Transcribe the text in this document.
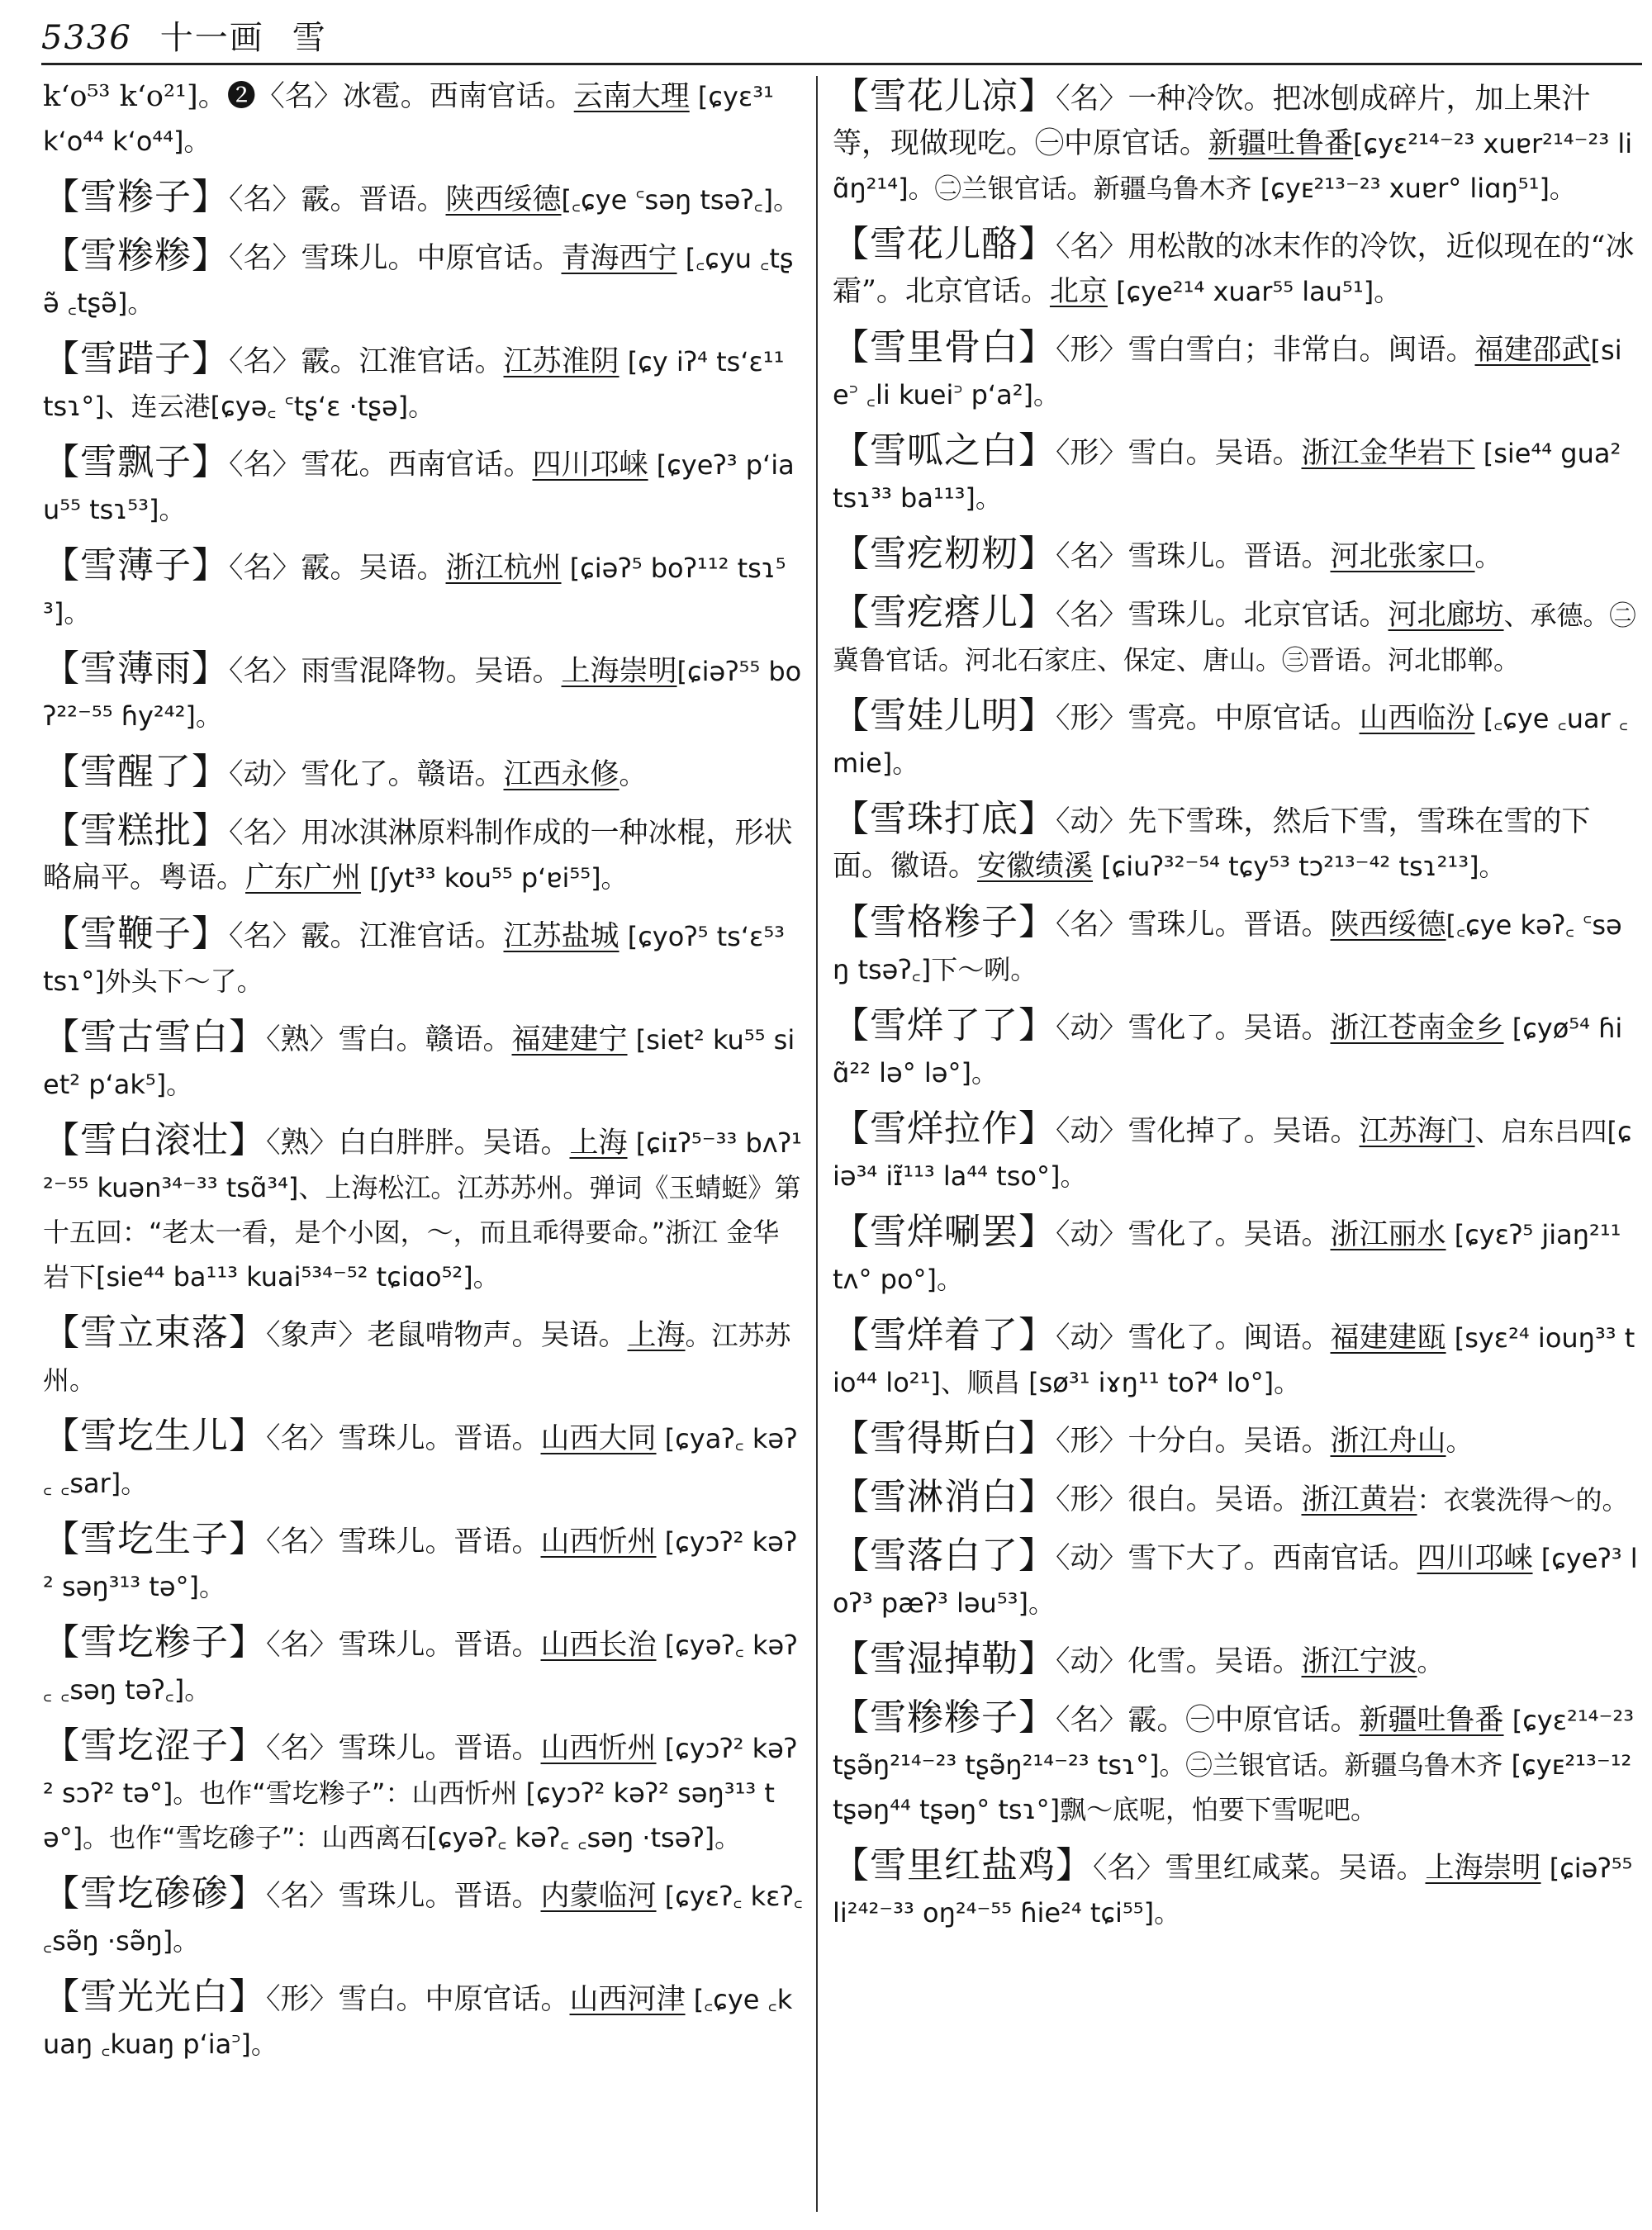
5336 十一画 雪

k‘o⁵³ k‘o²¹]。❷〈名〉冰雹。西南官话。云南大理 [ɕyɛ³¹ k‘o⁴⁴ k‘o⁴⁴]。

【雪糁子】〈名〉霰。晋语。陕西绥德[꜀ɕye ꜂səŋ tsəʔ꜀]。

【雪糁糁】〈名〉雪珠儿。中原官话。青海西宁 [꜀ɕyu ꜀tʂə̃ ꜀tʂə̃]。

【雪踖子】〈名〉霰。江淮官话。江苏淮阴 [ɕy iʔ⁴ ts‘ɛ¹¹ tsɿ°]、连云港[ɕyə꜀ ꜂tʂ‘ɛ ·tʂə]。

【雪飘子】〈名〉雪花。西南官话。四川邛崃 [ɕyeʔ³ p‘iau⁵⁵ tsɿ⁵³]。

【雪薄子】〈名〉霰。吴语。浙江杭州 [ɕiəʔ⁵ boʔ¹¹² tsɿ⁵³]。

【雪薄雨】〈名〉雨雪混降物。吴语。上海崇明[ɕiəʔ⁵⁵ boʔ²²⁻⁵⁵ ɦy²⁴²]。

【雪醒了】〈动〉雪化了。赣语。江西永修。

【雪糕批】〈名〉用冰淇淋原料制作成的一种冰棍，形状略扁平。粤语。广东广州 [ʃyt³³ kou⁵⁵ p‘ɐi⁵⁵]。

【雪鞭子】〈名〉霰。江淮官话。江苏盐城 [ɕyoʔ⁵ ts‘ɛ⁵³ tsɿ°]外头下～了。

【雪古雪白】〈熟〉雪白。赣语。福建建宁 [siet² ku⁵⁵ siet² p‘ak⁵]。

【雪白滚壮】〈熟〉白白胖胖。吴语。上海 [ɕiɪʔ⁵⁻³³ bʌʔ¹²⁻⁵⁵ kuən³⁴⁻³³ tsɑ̃³⁴]、上海松江。江苏苏州。弹词《玉蜻蜓》第十五回：“老太一看，是个小囡，～，而且乖得要命。”浙江 金华岩下[sie⁴⁴ ba¹¹³ kuai⁵³⁴⁻⁵² tɕiɑo⁵²]。

【雪立束落】〈象声〉老鼠啃物声。吴语。上海。江苏苏州。

【雪圪生儿】〈名〉雪珠儿。晋语。山西大同 [ɕyaʔ꜀ kəʔ꜀ ꜀sar]。

【雪圪生子】〈名〉雪珠儿。晋语。山西忻州 [ɕyɔʔ² kəʔ² səŋ³¹³ tə°]。

【雪圪糁子】〈名〉雪珠儿。晋语。山西长治 [ɕyəʔ꜀ kəʔ꜀ ꜀səŋ təʔ꜀]。

【雪圪涩子】〈名〉雪珠儿。晋语。山西忻州 [ɕyɔʔ² kəʔ² sɔʔ² tə°]。也作“雪圪糁子”：山西忻州 [ɕyɔʔ² kəʔ² səŋ³¹³ tə°]。也作“雪圪碜子”：山西离石[ɕyəʔ꜀ kəʔ꜀ ꜀səŋ ·tsəʔ]。

【雪圪碜碜】〈名〉雪珠儿。晋语。内蒙临河 [ɕyɛʔ꜀ kɛʔ꜀ ꜀sə̃ŋ ·sə̃ŋ]。

【雪光光白】〈形〉雪白。中原官话。山西河津 [꜀ɕye ꜀kuaŋ ꜀kuaŋ p‘ia꜄]。

【雪花儿凉】〈名〉一种冷饮。把冰刨成碎片，加上果汁等，现做现吃。㊀中原官话。新疆吐鲁番[ɕyɛ²¹⁴⁻²³ xuɐr²¹⁴⁻²³ liɑ̃ŋ²¹⁴]。㊁兰银官话。新疆乌鲁木齐 [ɕyᴇ²¹³⁻²³ xuɐr° liɑŋ⁵¹]。

【雪花儿酪】〈名〉用松散的冰末作的冷饮，近似现在的“冰霜”。北京官话。北京 [ɕye²¹⁴ xuar⁵⁵ lau⁵¹]。

【雪里骨白】〈形〉雪白雪白；非常白。闽语。福建邵武[sie꜄ ꜀li kuei꜄ p‘a²]。

【雪呱之白】〈形〉雪白。吴语。浙江金华岩下 [sie⁴⁴ gua² tsɿ³³ ba¹¹³]。

【雪疙籾籾】〈名〉雪珠儿。晋语。河北张家口。

【雪疙瘩儿】〈名〉雪珠儿。北京官话。河北廊坊、承德。㊁冀鲁官话。河北石家庄、保定、唐山。㊂晋语。河北邯郸。

【雪娃儿明】〈形〉雪亮。中原官话。山西临汾 [꜀ɕye ꜀uar ꜀mie]。

【雪珠打底】〈动〉先下雪珠，然后下雪，雪珠在雪的下面。徽语。安徽绩溪 [ɕiuʔ³²⁻⁵⁴ tɕy⁵³ tɔ²¹³⁻⁴² tsɿ²¹³]。

【雪格糁子】〈名〉雪珠儿。晋语。陕西绥德[꜀ɕye kəʔ꜀ ꜂səŋ tsəʔ꜀]下～咧。

【雪烊了了】〈动〉雪化了。吴语。浙江苍南金乡 [ɕyø⁵⁴ ɦiɑ̃²² lə° lə°]。

【雪烊拉作】〈动〉雪化掉了。吴语。江苏海门、启东吕四[ɕiə³⁴ iɪ̃¹¹³ la⁴⁴ tso°]。

【雪烊唰罢】〈动〉雪化了。吴语。浙江丽水 [ɕyɛʔ⁵ jiaŋ²¹¹ tʌ° po°]。

【雪烊着了】〈动〉雪化了。闽语。福建建瓯 [syɛ²⁴ iouŋ³³ tio⁴⁴ lo²¹]、顺昌 [sø³¹ iɤŋ¹¹ toʔ⁴ lo°]。

【雪得斯白】〈形〉十分白。吴语。浙江舟山。

【雪淋消白】〈形〉很白。吴语。浙江黄岩：衣裳洗得～的。

【雪落白了】〈动〉雪下大了。西南官话。四川邛崃 [ɕyeʔ³ loʔ³ pæʔ³ ləu⁵³]。

【雪湿掉勒】〈动〉化雪。吴语。浙江宁波。

【雪糁糁子】〈名〉霰。㊀中原官话。新疆吐鲁番 [ɕyɛ²¹⁴⁻²³ tʂə̃ŋ²¹⁴⁻²³ tʂə̃ŋ²¹⁴⁻²³ tsɿ°]。㊁兰银官话。新疆乌鲁木齐 [ɕyᴇ²¹³⁻¹² tʂəŋ⁴⁴ tʂəŋ° tsɿ°]飘～底呢，怕要下雪呢吧。

【雪里红盐鸡】〈名〉雪里红咸菜。吴语。上海崇明 [ɕiəʔ⁵⁵ li²⁴²⁻³³ oŋ²⁴⁻⁵⁵ ɦie²⁴ tɕi⁵⁵]。
